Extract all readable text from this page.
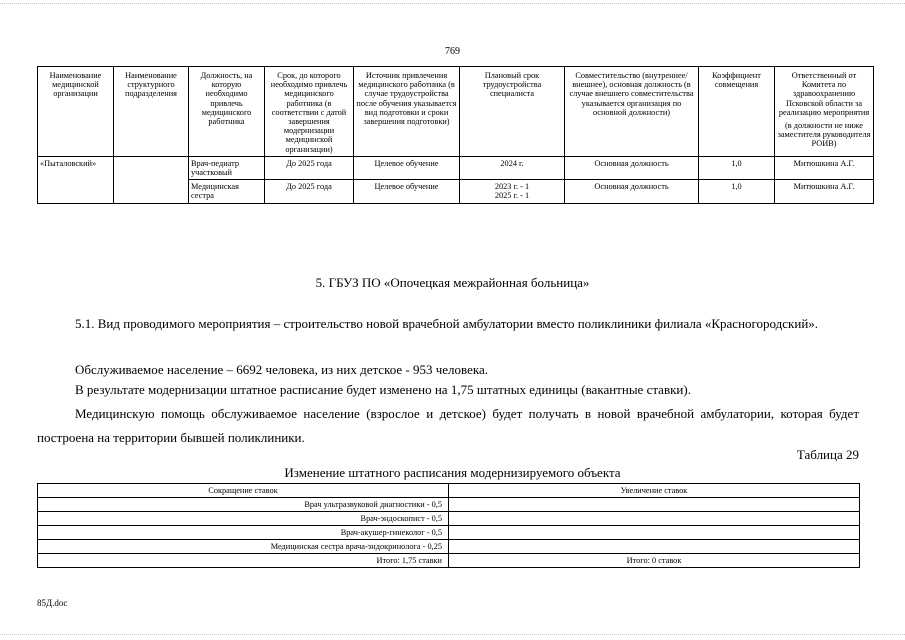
769
Наименование медицинской организации	Наименование структурного подразделения	Должность, на которую необходимо привлечь медицинского работника	Срок, до которого необходимо привлечь медицинского работника (в соответствии с датой завершения модернизации медицинской организации)	Источник привлечения медицинского работника (в случае трудоустройства после обучения указывается вид подготовки и сроки завершения подготовки)	Плановый срок трудоустройства специалиста	Совместительство (внутреннее/внешнее), основная должность (в случае внешнего совместительства указывается организация по основной должности)	Коэффициент совмещения	Ответственный от Комитета по здравоохранению Псковской области за реализацию мероприятия
(в должности не ниже заместителя руководителя РОИВ)

«Пыталовский»		Врач-педиатр участковый	До 2025 года	Целевое обучение	2024 г.	Основная должность	1,0	Митюшкина А.Г.
		Медицинская сестра	До 2025 года	Целевое обучение	2023 г. - 1
2025 г. - 1	Основная должность	1,0	Митюшкина А.Г.
5. ГБУЗ ПО «Опочецкая межрайонная больница»
5.1. Вид проводимого мероприятия – строительство новой врачебной амбулатории вместо поликлиники филиала «Красногородский».
Обслуживаемое население – 6692 человека, из них детское - 953 человека.
В результате модернизации штатное расписание будет изменено на 1,75 штатных единицы (вакантные ставки).
Медицинскую помощь обслуживаемое население (взрослое и детское) будет получать в новой врачебной амбулатории, которая будет построена на территории бывшей поликлиники.
Таблица 29
Изменение штатного расписания модернизируемого объекта
Сокращение ставок	Увеличение ставок
Врач ультразвуковой диагностики - 0,5	
Врач-эндоскопист - 0,5	
Врач-акушер-гинеколог - 0,5	
Медицинская сестра врача-эндокринолога - 0,25	
Итого: 1,75 ставки	Итого: 0 ставок
85Д.doc
